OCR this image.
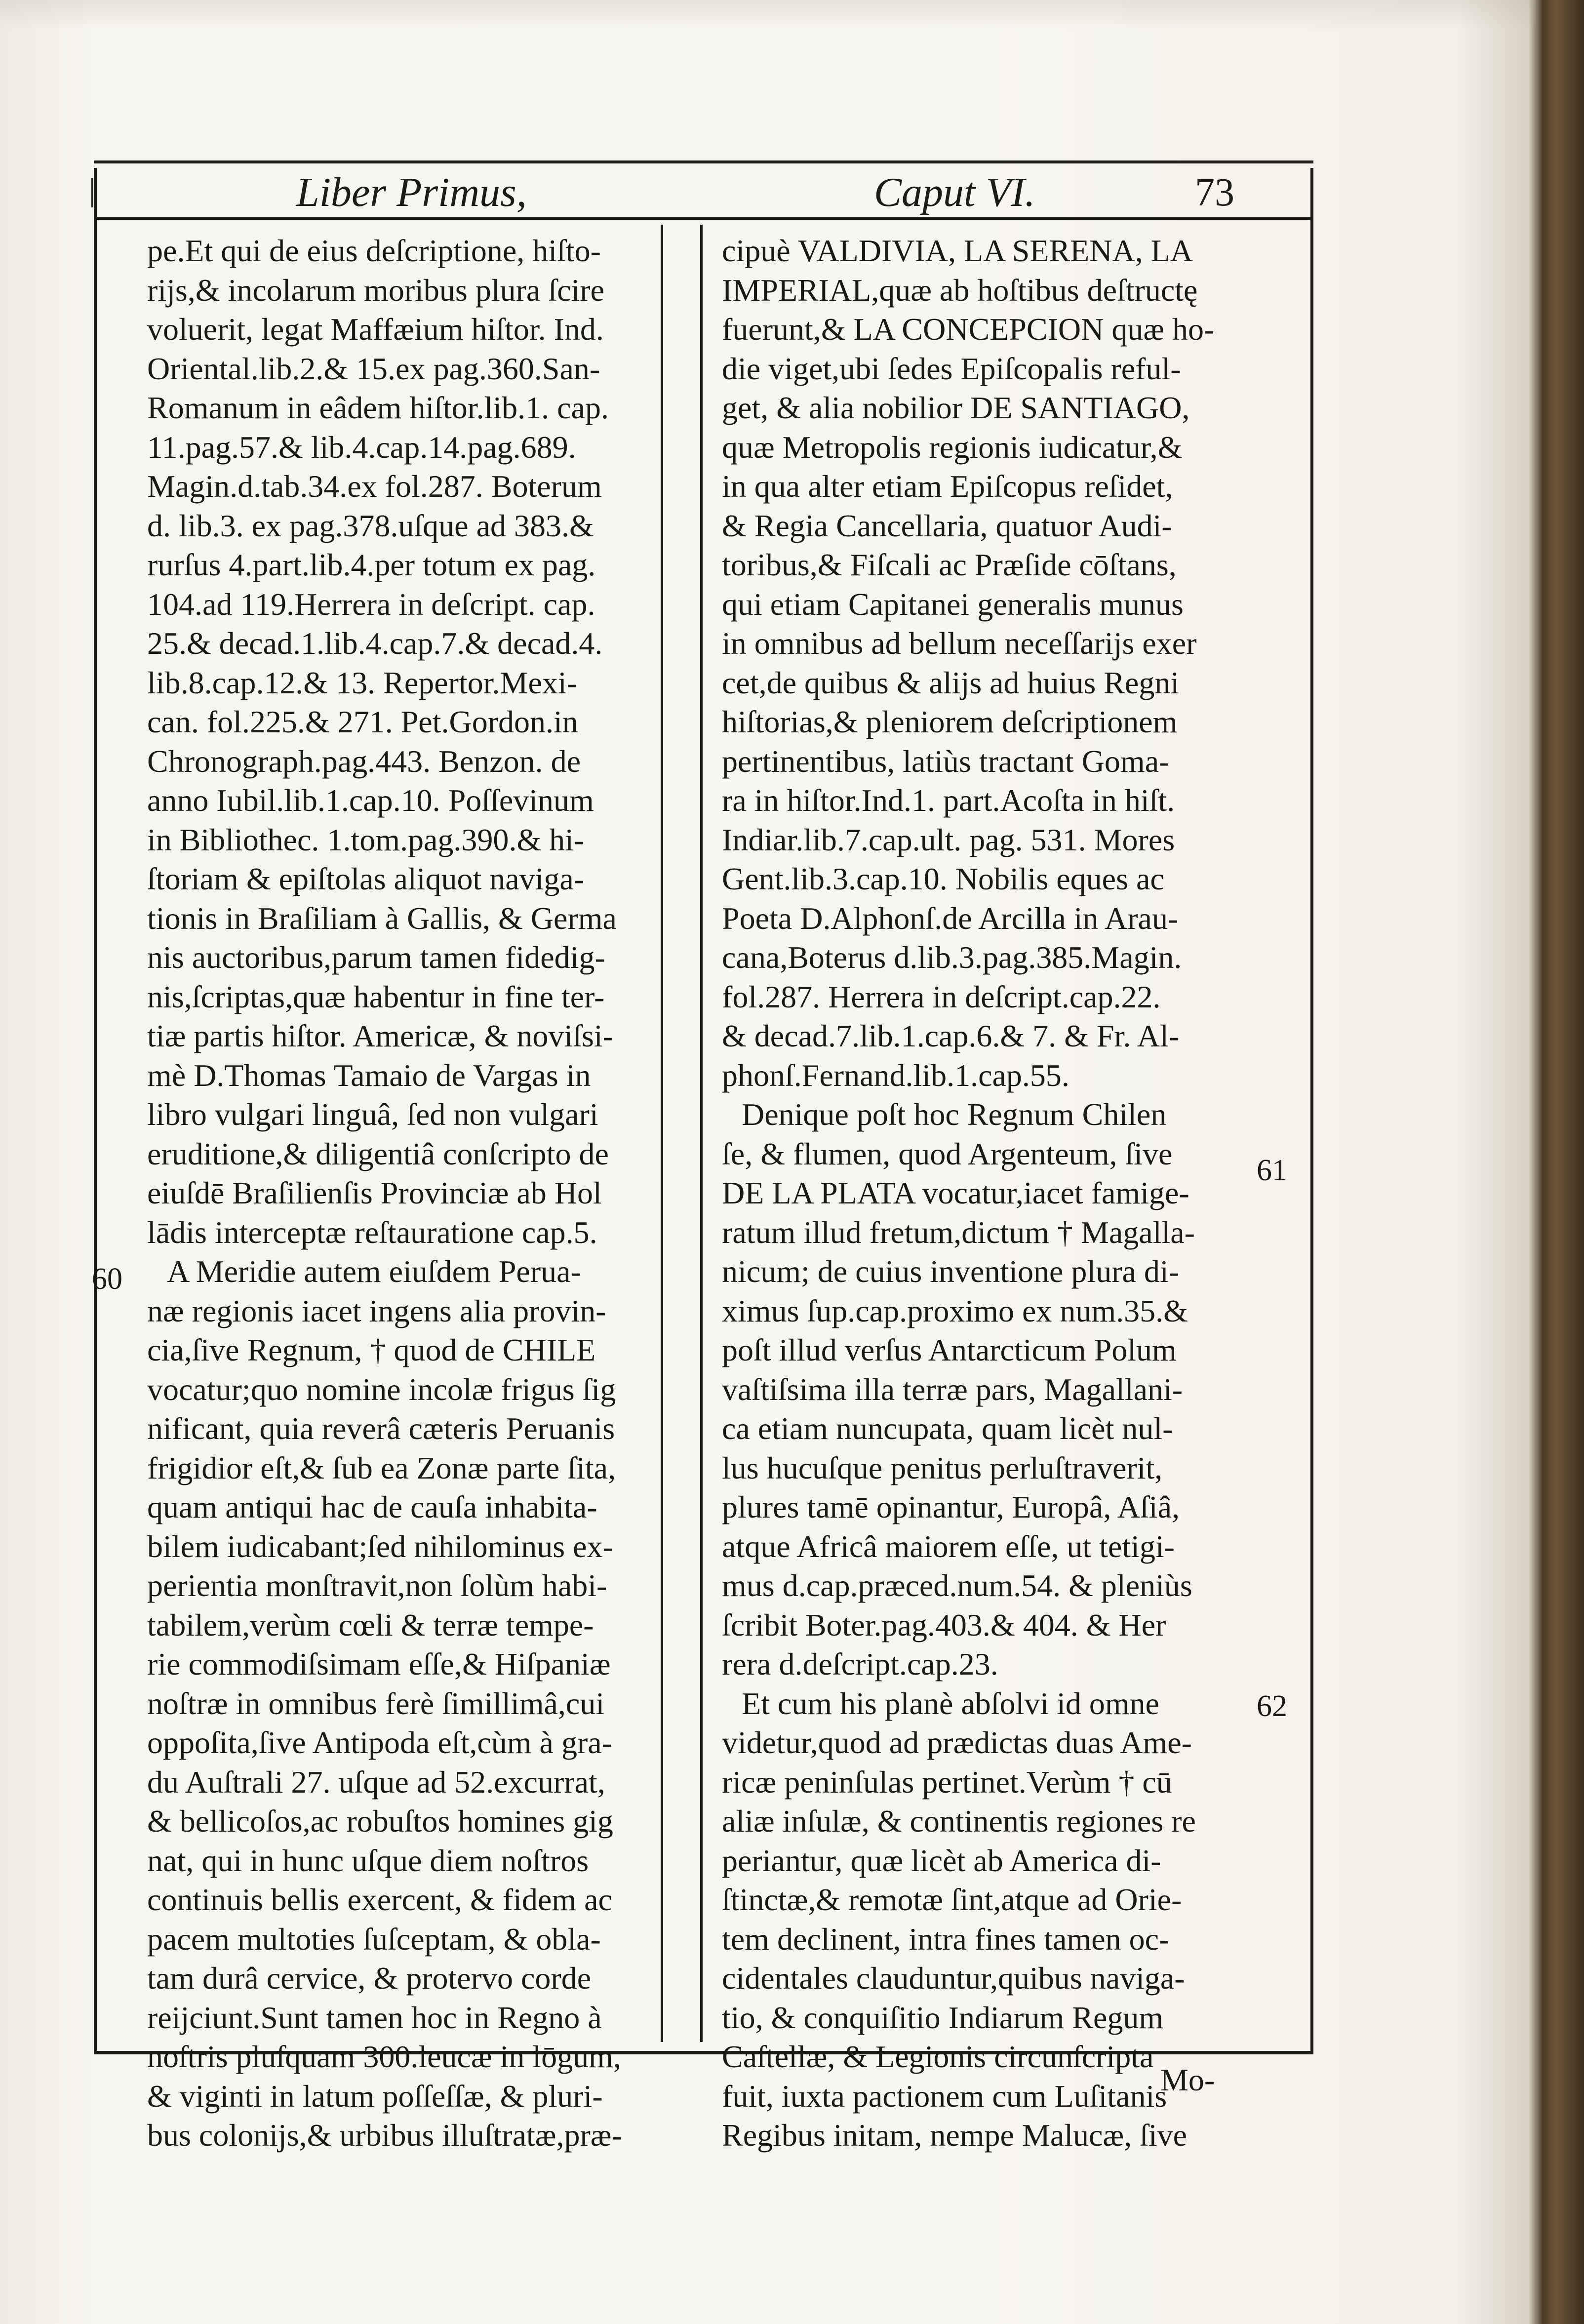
Liber Primus,	Caput VI.	73
pe.Et qui de eius deſcriptione, hiſto-
rijs,& incolarum moribus plura ſcire
voluerit, legat Maffæium hiſtor. Ind.
Oriental.lib.2.& 15.ex pag.360.San-
Romanum in eâdem hiſtor.lib.1. cap.
11.pag.57.& lib.4.cap.14.pag.689.
Magin.d.tab.34.ex fol.287. Boterum
d. lib.3. ex pag.378.uſque ad 383.&
rurſus 4.part.lib.4.per totum ex pag.
104.ad 119.Herrera in deſcript. cap.
25.& decad.1.lib.4.cap.7.& decad.4.
lib.8.cap.12.& 13. Repertor.Mexi-
can. fol.225.& 271. Pet.Gordon.in
Chronograph.pag.443. Benzon. de
anno Iubil.lib.1.cap.10. Poſſevinum
in Bibliothec. 1.tom.pag.390.& hi-
ſtoriam & epiſtolas aliquot naviga-
tionis in Braſiliam à Gallis, & Germa
nis auctoribus,parum tamen fidedig-
nis,ſcriptas,quæ habentur in fine ter-
tiæ partis hiſtor. Americæ, & noviſsi-
mè D.Thomas Tamaio de Vargas in
libro vulgari linguâ, ſed non vulgari
eruditione,& diligentiâ conſcripto de
eiuſdē Braſilienſis Provinciæ ab Hol
lādis interceptæ reſtauratione cap.5.
A Meridie autem eiuſdem Perua-
næ regionis iacet ingens alia provin-
cia,ſive Regnum, † quod de CHILE
vocatur;quo nomine incolæ frigus ſig
nificant, quia reverâ cæteris Peruanis
frigidior eſt,& ſub ea Zonæ parte ſita,
quam antiqui hac de cauſa inhabita-
bilem iudicabant;ſed nihilominus ex-
perientia monſtravit,non ſolùm habi-
tabilem,verùm cœli & terræ tempe-
rie commodiſsimam eſſe,& Hiſpaniæ
noſtræ in omnibus ferè ſimillimâ,cui
oppoſita,ſive Antipoda eſt,cùm à gra-
du Auſtrali 27. uſque ad 52.excurrat,
& bellicoſos,ac robuſtos homines gig
nat, qui in hunc uſque diem noſtros
continuis bellis exercent, & fidem ac
pacem multoties ſuſceptam, & obla-
tam durâ cervice, & protervo corde
reijciunt.Sunt tamen hoc in Regno à
noſtris pluſquam 300.leucæ in lōgum,
& viginti in latum poſſeſſæ, & pluri-
bus colonijs,& urbibus illuſtratæ,præ-
cipuè VALDIVIA, LA SERENA, LA
IMPERIAL,quæ ab hoſtibus deſtructę
fuerunt,& LA CONCEPCION quæ ho-
die viget,ubi ſedes Epiſcopalis reful-
get, & alia nobilior DE SANTIAGO,
quæ Metropolis regionis iudicatur,&
in qua alter etiam Epiſcopus reſidet,
& Regia Cancellaria, quatuor Audi-
toribus,& Fiſcali ac Præſide cōſtans,
qui etiam Capitanei generalis munus
in omnibus ad bellum neceſſarijs exer
cet,de quibus & alijs ad huius Regni
hiſtorias,& pleniorem deſcriptionem
pertinentibus, latiùs tractant Goma-
ra in hiſtor.Ind.1. part.Acoſta in hiſt.
Indiar.lib.7.cap.ult. pag. 531. Mores
Gent.lib.3.cap.10. Nobilis eques ac
Poeta D.Alphonſ.de Arcilla in Arau-
cana,Boterus d.lib.3.pag.385.Magin.
fol.287. Herrera in deſcript.cap.22.
& decad.7.lib.1.cap.6.& 7. & Fr. Al-
phonſ.Fernand.lib.1.cap.55.
Denique poſt hoc Regnum Chilen
ſe, & flumen, quod Argenteum, ſive
DE LA PLATA vocatur,iacet famige-
ratum illud fretum,dictum † Magalla-
nicum; de cuius inventione plura di-
ximus ſup.cap.proximo ex num.35.&
poſt illud verſus Antarcticum Polum
vaſtiſsima illa terræ pars, Magallani-
ca etiam nuncupata, quam licèt nul-
lus hucuſque penitus perluſtraverit,
plures tamē opinantur, Europâ, Aſiâ,
atque Africâ maiorem eſſe, ut tetigi-
mus d.cap.præced.num.54. & pleniùs
ſcribit Boter.pag.403.& 404. & Her
rera d.deſcript.cap.23.
Et cum his planè abſolvi id omne
videtur,quod ad prædictas duas Ame-
ricæ peninſulas pertinet.Verùm † cū
aliæ inſulæ, & continentis regiones re
periantur, quæ licèt ab America di-
ſtinctæ,& remotæ ſint,atque ad Orie-
tem declinent, intra fines tamen oc-
cidentales clauduntur,quibus naviga-
tio, & conquiſitio Indiarum Regum
Caſtellæ, & Legionis circunſcripta
fuit, iuxta pactionem cum Luſitanis
Regibus initam, nempe Malucæ, ſive
60
61
62
Mo-
